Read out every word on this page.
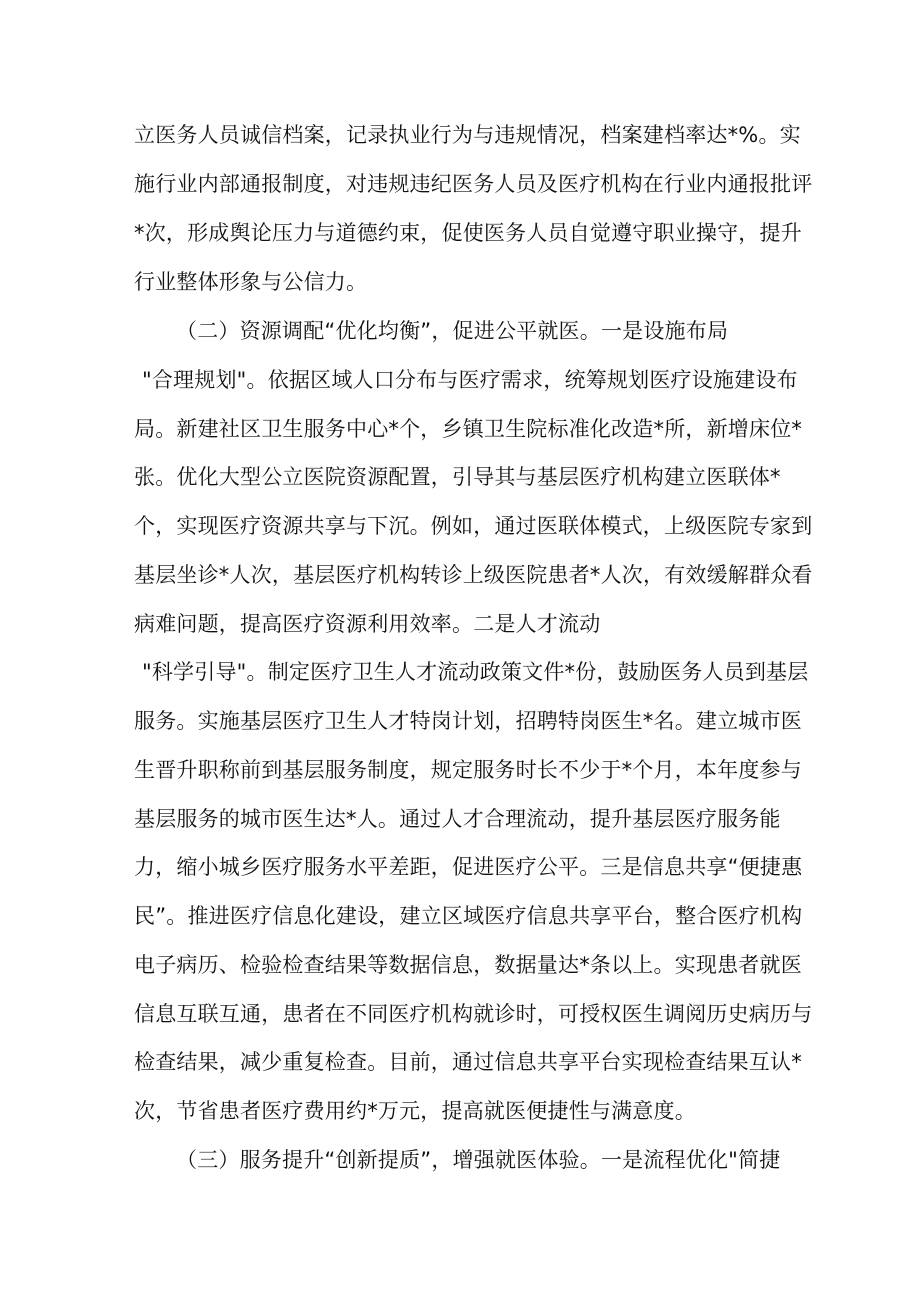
立医务人员诚信档案，记录执业行为与违规情况，档案建档率达*%。实
施行业内部通报制度，对违规违纪医务人员及医疗机构在行业内通报批评
*次，形成舆论压力与道德约束，促使医务人员自觉遵守职业操守，提升
行业整体形象与公信力。
（二）资源调配“优化均衡”，促进公平就医。一是设施布局
"合理规划"。依据区域人口分布与医疗需求，统筹规划医疗设施建设布
局。新建社区卫生服务中心*个，乡镇卫生院标准化改造*所，新增床位*
张。优化大型公立医院资源配置，引导其与基层医疗机构建立医联体*
个，实现医疗资源共享与下沉。例如，通过医联体模式，上级医院专家到
基层坐诊*人次，基层医疗机构转诊上级医院患者*人次，有效缓解群众看
病难问题，提高医疗资源利用效率。二是人才流动
"科学引导"。制定医疗卫生人才流动政策文件*份，鼓励医务人员到基层
服务。实施基层医疗卫生人才特岗计划，招聘特岗医生*名。建立城市医
生晋升职称前到基层服务制度，规定服务时长不少于*个月，本年度参与
基层服务的城市医生达*人。通过人才合理流动，提升基层医疗服务能
力，缩小城乡医疗服务水平差距，促进医疗公平。三是信息共享“便捷惠
民”。推进医疗信息化建设，建立区域医疗信息共享平台，整合医疗机构
电子病历、检验检查结果等数据信息，数据量达*条以上。实现患者就医
信息互联互通，患者在不同医疗机构就诊时，可授权医生调阅历史病历与
检查结果，减少重复检查。目前，通过信息共享平台实现检查结果互认*
次，节省患者医疗费用约*万元，提高就医便捷性与满意度。
（三）服务提升“创新提质”，增强就医体验。一是流程优化"简捷
